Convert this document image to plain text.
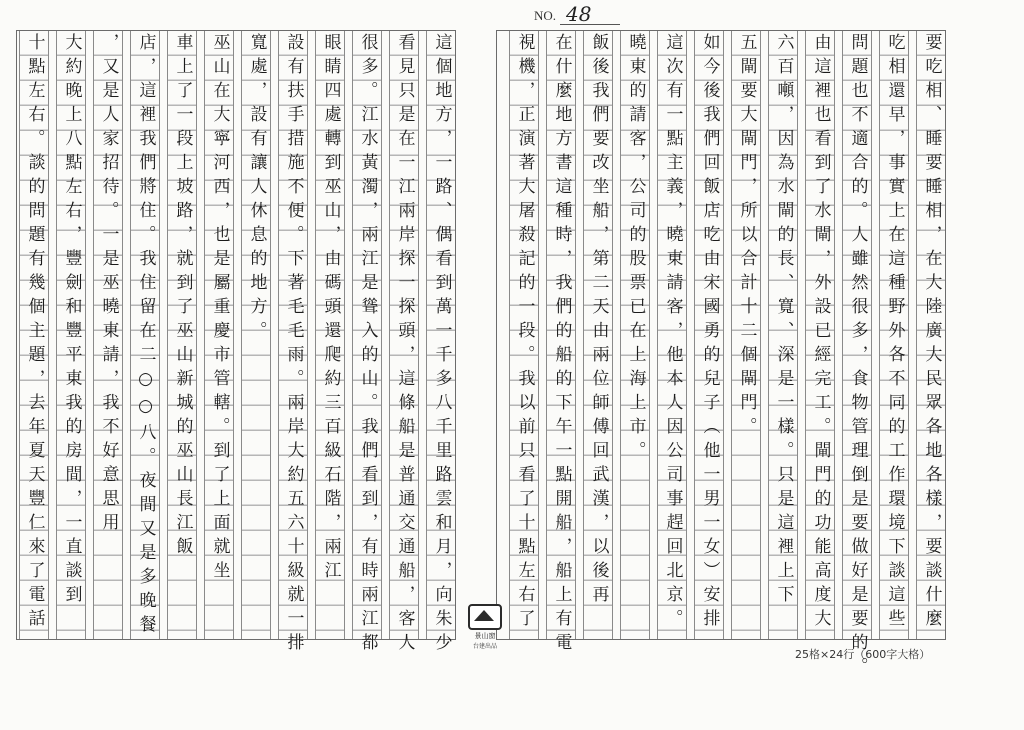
NO. 48
這個地方，一路、偶看到萬一千多八千里路雲和月，向朱少
看見只是在一江兩岸探一探頭，這條船是普通交通船，客人
很多。江水黃濁，兩江是聳入的山。我們看到，有時兩江都
眼睛四處轉到巫山，由碼頭還爬約三百級石階，兩江
設有扶手措施不便。下著毛毛雨。兩岸大約五六十級就一排
寬處，設有讓人休息的地方。
巫山在大寧河西，也是屬重慶市管轄。到了上面就坐
車上了一段上坡路，就到了巫山新城的巫山長江飯
店，這裡我們將住。我住留在二○○八。夜間又是多晚餐
，又是人家招待。一是巫曉東請，我不好意思用
大約晚上八點左右，豐劍和豐平東我的房間，一直談到
十點左右。談的問題有幾個主題，去年夏天豐仁來了電話	要吃相、睡要睡相，在大陸廣大民眾各地各樣，要談什麼
吃相還早，事實上在這種野外各不同的工作環境下談這些
問題也不適合的。人雖然很多，食物管理倒是要做好是要的。
由這裡也看到了水閘，外設已經完工。閘門的功能高度大
六百噸，因為水閘的長、寬、深是一樣。只是這裡上下
五閘要大閘門，所以合計十二個閘門。
如今後我們回飯店吃由宋國勇的兒子（他一男一女）安排
這次有一點主義，曉東請客，他本人因公司事趕回北京。
曉東的請客，公司的股票已在上海上市。
飯後我們要改坐船，第二天由兩位師傅回武漢，以後再
在什麼地方書這種時，我們的船的下午一點開船，船上有電
視機，正演著大屠殺記的一段。我以前只看了十點左右了
景山窗
台建出品
25格×24行（600字大格）
